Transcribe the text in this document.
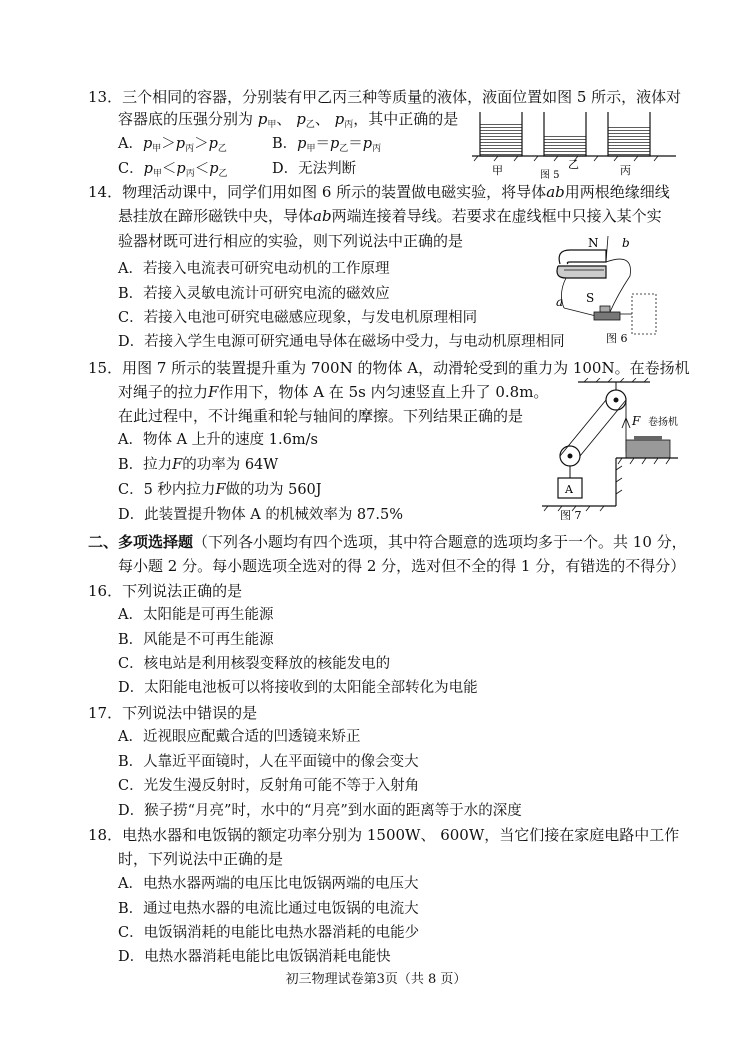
13．三个相同的容器，分别装有甲乙丙三种等质量的液体，液面位置如图 5 所示，液体对
容器底的压强分别为 $p_甲$、 $p_乙$、 $p_丙$，其中正确的是
A．$p_甲>p_丙>p_乙$	B．$p_甲=p_乙=p_丙$
C．$p_甲<p_丙<p_乙$	D．无法判断	甲	乙	丙
图 5
14．物理活动课中，同学们用如图 6 所示的装置做电磁实验，将导体ab用两根绝缘细线
悬挂放在蹄形磁铁中央，导体ab两端连接着导线。若要求在虚线框中只接入某个实
验器材既可进行相应的实验，则下列说法中正确的是
A．若接入电流表可研究电动机的工作原理
B．若接入灵敏电流计可研究电流的磁效应
C．若接入电池可研究电磁感应现象，与发电机原理相同
D．若接入学生电源可研究通电导体在磁场中受力，与电动机原理相同
N b
S
a
图 6
15．用图 7 所示的装置提升重为 700N 的物体 A，动滑轮受到的重力为 100N。在卷扬机
对绳子的拉力F作用下，物体 A 在 5s 内匀速竖直上升了 0.8m。
在此过程中，不计绳重和轮与轴间的摩擦。下列结果正确的是
A．物体 A 上升的速度 1.6m/s
B．拉力F的功率为 64W
C．5 秒内拉力F做的功为 560J
D．此装置提升物体 A 的机械效率为 87.5%
F 卷扬机
A
图 7
二、多项选择题（下列各小题均有四个选项，其中符合题意的选项均多于一个。共 10 分，
每小题 2 分。每小题选项全选对的得 2 分，选对但不全的得 1 分，有错选的不得分）
16．下列说法正确的是
A．太阳能是可再生能源
B．风能是不可再生能源
C．核电站是利用核裂变释放的核能发电的
D．太阳能电池板可以将接收到的太阳能全部转化为电能
17．下列说法中错误的是
A．近视眼应配戴合适的凹透镜来矫正
B．人靠近平面镜时，人在平面镜中的像会变大
C．光发生漫反射时，反射角可能不等于入射角
D．猴子捞“月亮”时，水中的“月亮”到水面的距离等于水的深度
18．电热水器和电饭锅的额定功率分别为 1500W、 600W，当它们接在家庭电路中工作
时，下列说法中正确的是
A．电热水器两端的电压比电饭锅两端的电压大
B．通过电热水器的电流比通过电饭锅的电流大
C．电饭锅消耗的电能比电热水器消耗的电能少
D．电热水器消耗电能比电饭锅消耗电能快
初三物理试卷第3页（共 8 页）
